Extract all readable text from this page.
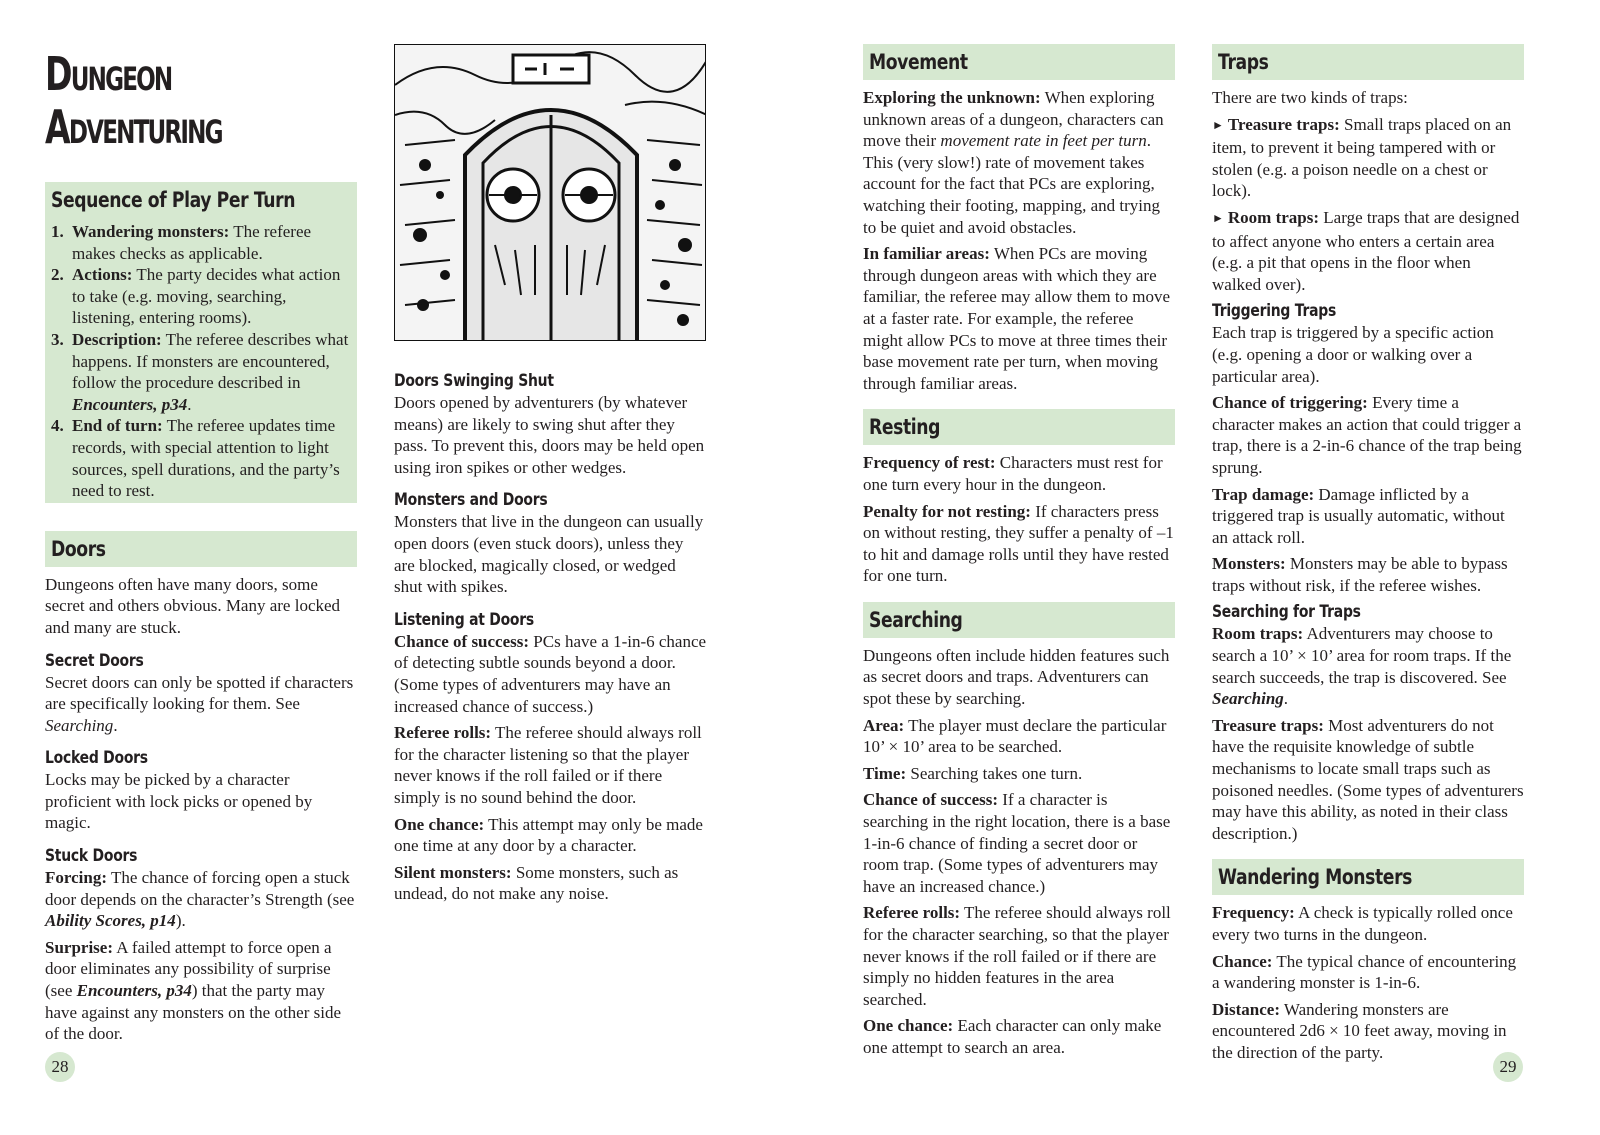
Dungeon
Adventuring
Sequence of Play Per Turn
1. Wandering monsters: The referee makes checks as applicable.
2. Actions: The party decides what action to take (e.g. moving, searching, listening, entering rooms).
3. Description: The referee describes what happens. If monsters are encountered, follow the procedure described in Encounters, p34.
4. End of turn: The referee updates time records, with special attention to light sources, spell durations, and the party’s need to rest.
Doors

Dungeons often have many doors, some secret and others obvious. Many are locked and many are stuck.

Secret Doors

Secret doors can only be spotted if characters are specifically looking for them. See Searching.

Locked Doors

Locks may be picked by a character proficient with lock picks or opened by magic.

Stuck Doors

Forcing: The chance of forcing open a stuck door depends on the character’s Strength (see Ability Scores, p14).

Surprise: A failed attempt to force open a door eliminates any possibility of surprise (see Encounters, p34) that the party may have against any monsters on the other side of the door.

Doors Swinging Shut

Doors opened by adventurers (by whatever means) are likely to swing shut after they pass. To prevent this, doors may be held open using iron spikes or other wedges.

Monsters and Doors

Monsters that live in the dungeon can usually open doors (even stuck doors), unless they are blocked, magically closed, or wedged shut with spikes.

Listening at Doors

Chance of success: PCs have a 1-in-6 chance of detecting subtle sounds beyond a door. (Some types of adventurers may have an increased chance of success.)

Referee rolls: The referee should always roll for the character listening so that the player never knows if the roll failed or if there simply is no sound behind the door.

One chance: This attempt may only be made one time at any door by a character.

Silent monsters: Some monsters, such as undead, do not make any noise.

Movement

Exploring the unknown: When exploring unknown areas of a dungeon, characters can move their movement rate in feet per turn. This (very slow!) rate of movement takes account for the fact that PCs are exploring, watching their footing, mapping, and trying to be quiet and avoid obstacles.

In familiar areas: When PCs are moving through dungeon areas with which they are familiar, the referee may allow them to move at a faster rate. For example, the referee might allow PCs to move at three times their base movement rate per turn, when moving through familiar areas.

Resting

Frequency of rest: Characters must rest for one turn every hour in the dungeon.

Penalty for not resting: If characters press on without resting, they suffer a penalty of –1 to hit and damage rolls until they have rested for one turn.

Searching

Dungeons often include hidden features such as secret doors and traps. Adventurers can spot these by searching.

Area: The player must declare the particular 10’ × 10’ area to be searched.

Time: Searching takes one turn.

Chance of success: If a character is searching in the right location, there is a base 1-in-6 chance of finding a secret door or room trap. (Some types of adventurers may have an increased chance.)

Referee rolls: The referee should always roll for the character searching, so that the player never knows if the roll failed or if there are simply no hidden features in the area searched.

One chance: Each character can only make one attempt to search an area.

Traps

There are two kinds of traps:

► Treasure traps: Small traps placed on an item, to prevent it being tampered with or stolen (e.g. a poison needle on a chest or lock).

► Room traps: Large traps that are designed to affect anyone who enters a certain area (e.g. a pit that opens in the floor when walked over).

Triggering Traps

Each trap is triggered by a specific action (e.g. opening a door or walking over a particular area).

Chance of triggering: Every time a character makes an action that could trigger a trap, there is a 2-in-6 chance of the trap being sprung.

Trap damage: Damage inflicted by a triggered trap is usually automatic, without an attack roll.

Monsters: Monsters may be able to bypass traps without risk, if the referee wishes.

Searching for Traps

Room traps: Adventurers may choose to search a 10’ × 10’ area for room traps. If the search succeeds, the trap is discovered. See Searching.

Treasure traps: Most adventurers do not have the requisite knowledge of subtle mechanisms to locate small traps such as poisoned needles. (Some types of adventurers may have this ability, as noted in their class description.)

Wandering Monsters

Frequency: A check is typically rolled once every two turns in the dungeon.

Chance: The typical chance of encountering a wandering monster is 1-in-6.

Distance: Wandering monsters are encountered 2d6 × 10 feet away, moving in the direction of the party.

28	29
